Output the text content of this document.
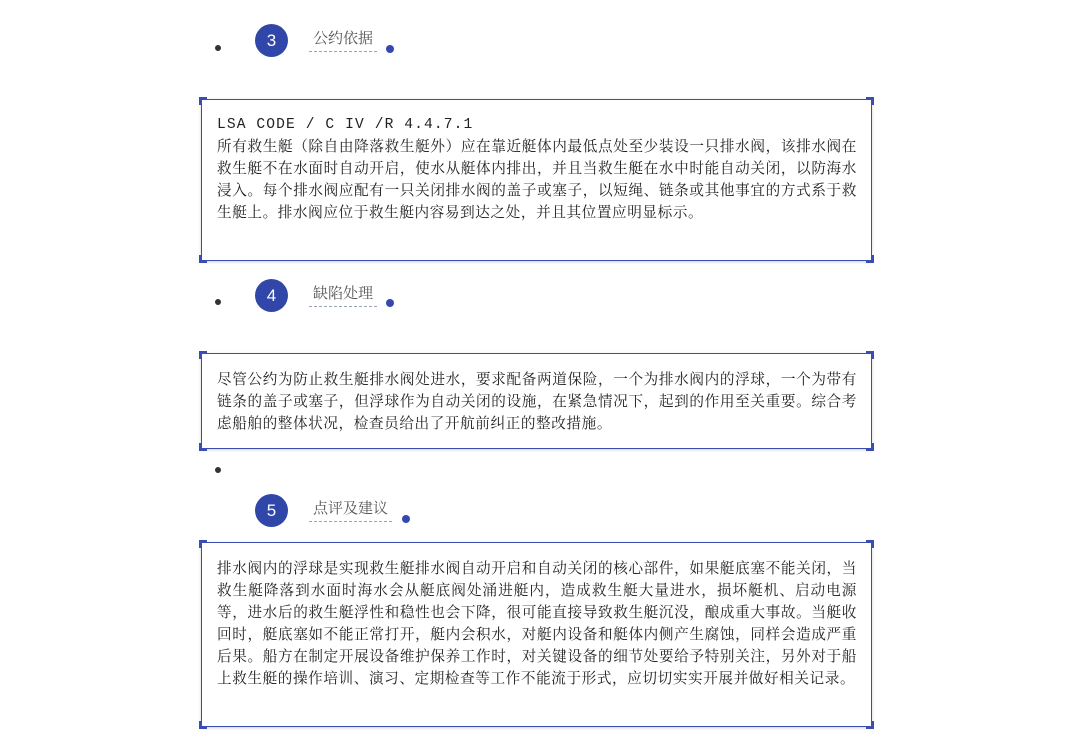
3	公约依据
LSA CODE / C IV /R 4.4.7.1
所有救生艇（除自由降落救生艇外）应在靠近艇体内最低点处至少装设一只排水阀，该排水阀在救生艇不在水面时自动开启，使水从艇体内排出，并且当救生艇在水中时能自动关闭，以防海水浸入。每个排水阀应配有一只关闭排水阀的盖子或塞子，以短绳、链条或其他事宜的方式系于救生艇上。排水阀应位于救生艇内容易到达之处，并且其位置应明显标示。
4	缺陷处理
尽管公约为防止救生艇排水阀处进水，要求配备两道保险，一个为排水阀内的浮球，一个为带有链条的盖子或塞子，但浮球作为自动关闭的设施，在紧急情况下，起到的作用至关重要。综合考虑船舶的整体状况，检查员给出了开航前纠正的整改措施。
5	点评及建议
排水阀内的浮球是实现救生艇排水阀自动开启和自动关闭的核心部件，如果艇底塞不能关闭，当救生艇降落到水面时海水会从艇底阀处涌进艇内，造成救生艇大量进水，损坏艇机、启动电源等，进水后的救生艇浮性和稳性也会下降，很可能直接导致救生艇沉没，酿成重大事故。当艇收回时，艇底塞如不能正常打开，艇内会积水，对艇内设备和艇体内侧产生腐蚀，同样会造成严重后果。船方在制定开展设备维护保养工作时，对关键设备的细节处要给予特别关注，另外对于船上救生艇的操作培训、演习、定期检查等工作不能流于形式，应切切实实开展并做好相关记录。
